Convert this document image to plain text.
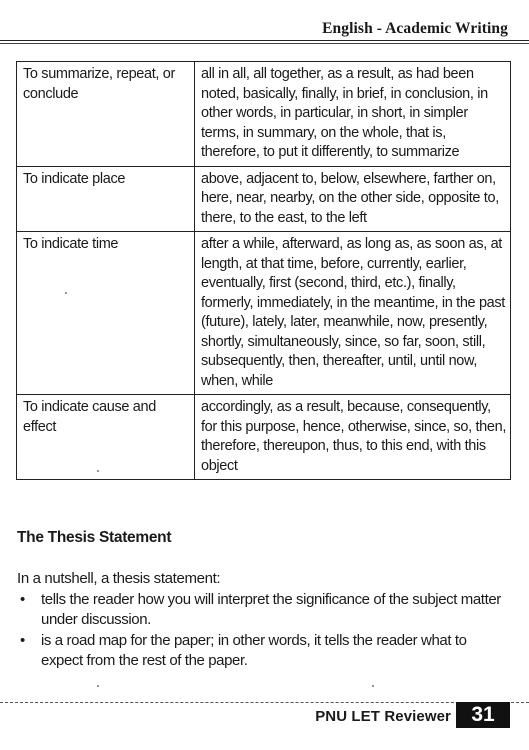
English - Academic Writing
To summarize, repeat, or conclude	all in all, all together, as a result, as had been noted, basically, finally, in brief, in conclusion, in other words, in particular, in short, in simpler terms, in summary, on the whole, that is, therefore, to put it differently, to summarize
To indicate place	above, adjacent to, below, elsewhere, farther on, here, near, nearby, on the other side, opposite to, there, to the east, to the left
To indicate time	after a while, afterward, as long as, as soon as, at length, at that time, before, currently, earlier, eventually, first (second, third, etc.), finally, formerly, immediately, in the meantime, in the past (future), lately, later, meanwhile, now, presently, shortly, simultaneously, since, so far, soon, still, subsequently, then, thereafter, until, until now, when, while
To indicate cause and effect	accordingly, as a result, because, consequently, for this purpose, hence, otherwise, since, so, then, therefore, thereupon, thus, to this end, with this object
The Thesis Statement
In a nutshell, a thesis statement:
• tells the reader how you will interpret the significance of the subject matter under discussion.
• is a road map for the paper; in other words, it tells the reader what to expect from the rest of the paper.
PNU LET Reviewer 31
